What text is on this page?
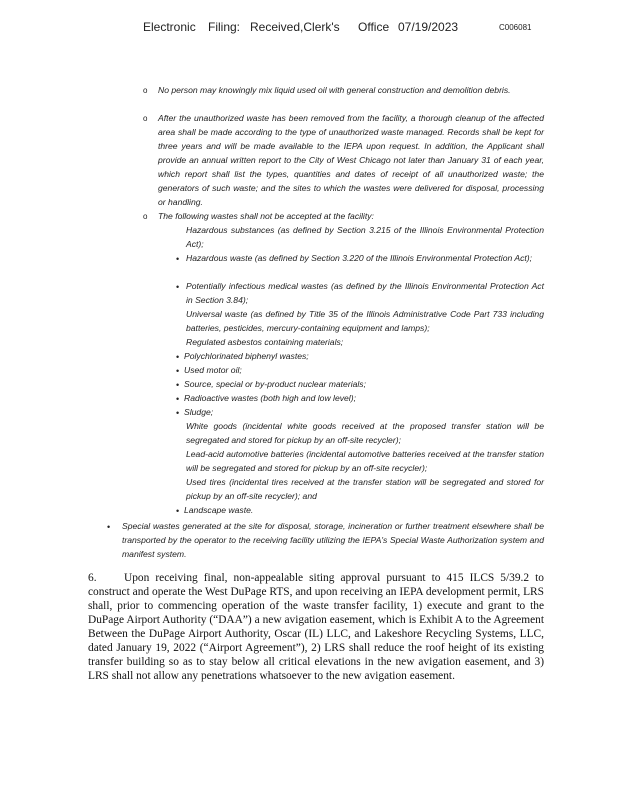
Electronic Filing: Received,Clerk's Office 07/19/2023	C006081
o No person may knowingly mix liquid used oil with general construction and demolition debris.
o After the unauthorized waste has been removed from the facility, a thorough cleanup of the affected area shall be made according to the type of unauthorized waste managed. Records shall be kept for three years and will be made available to the IEPA upon request. In addition, the Applicant shall provide an annual written report to the City of West Chicago not later than January 31 of each year, which report shall list the types, quantities and dates of receipt of all unauthorized waste; the generators of such waste; and the sites to which the wastes were delivered for disposal, processing or handling.
o The following wastes shall not be accepted at the facility:
Hazardous substances (as defined by Section 3.215 of the Illinois Environmental Protection Act);
• Hazardous waste (as defined by Section 3.220 of the Illinois Environmental Protection Act);
• Potentially infectious medical wastes (as defined by the Illinois Environmental Protection Act in Section 3.84);
Universal waste (as defined by Title 35 of the Illinois Administrative Code Part 733 including batteries, pesticides, mercury-containing equipment and lamps);
Regulated asbestos containing materials;
• Polychlorinated biphenyl wastes;
• Used motor oil;
• Source, special or by-product nuclear materials;
• Radioactive wastes (both high and low level);
• Sludge;
White goods (incidental white goods received at the proposed transfer station will be segregated and stored for pickup by an off-site recycler);
Lead-acid automotive batteries (incidental automotive batteries received at the transfer station will be segregated and stored for pickup by an off-site recycler);
Used tires (incidental tires received at the transfer station will be segregated and stored for pickup by an off-site recycler); and
• Landscape waste.
• Special wastes generated at the site for disposal, storage, incineration or further treatment elsewhere shall be transported by the operator to the receiving facility utilizing the IEPA's Special Waste Authorization system and manifest system.
6.	Upon receiving final, non-appealable siting approval pursuant to 415 ILCS 5/39.2 to construct and operate the West DuPage RTS, and upon receiving an IEPA development permit, LRS shall, prior to commencing operation of the waste transfer facility, 1) execute and grant to the DuPage Airport Authority (“DAA”) a new avigation easement, which is Exhibit A to the Agreement Between the DuPage Airport Authority, Oscar (IL) LLC, and Lakeshore Recycling Systems, LLC, dated January 19, 2022 (“Airport Agreement”), 2) LRS shall reduce the roof height of its existing transfer building so as to stay below all critical elevations in the new avigation easement, and 3) LRS shall not allow any penetrations whatsoever to the new avigation easement.
